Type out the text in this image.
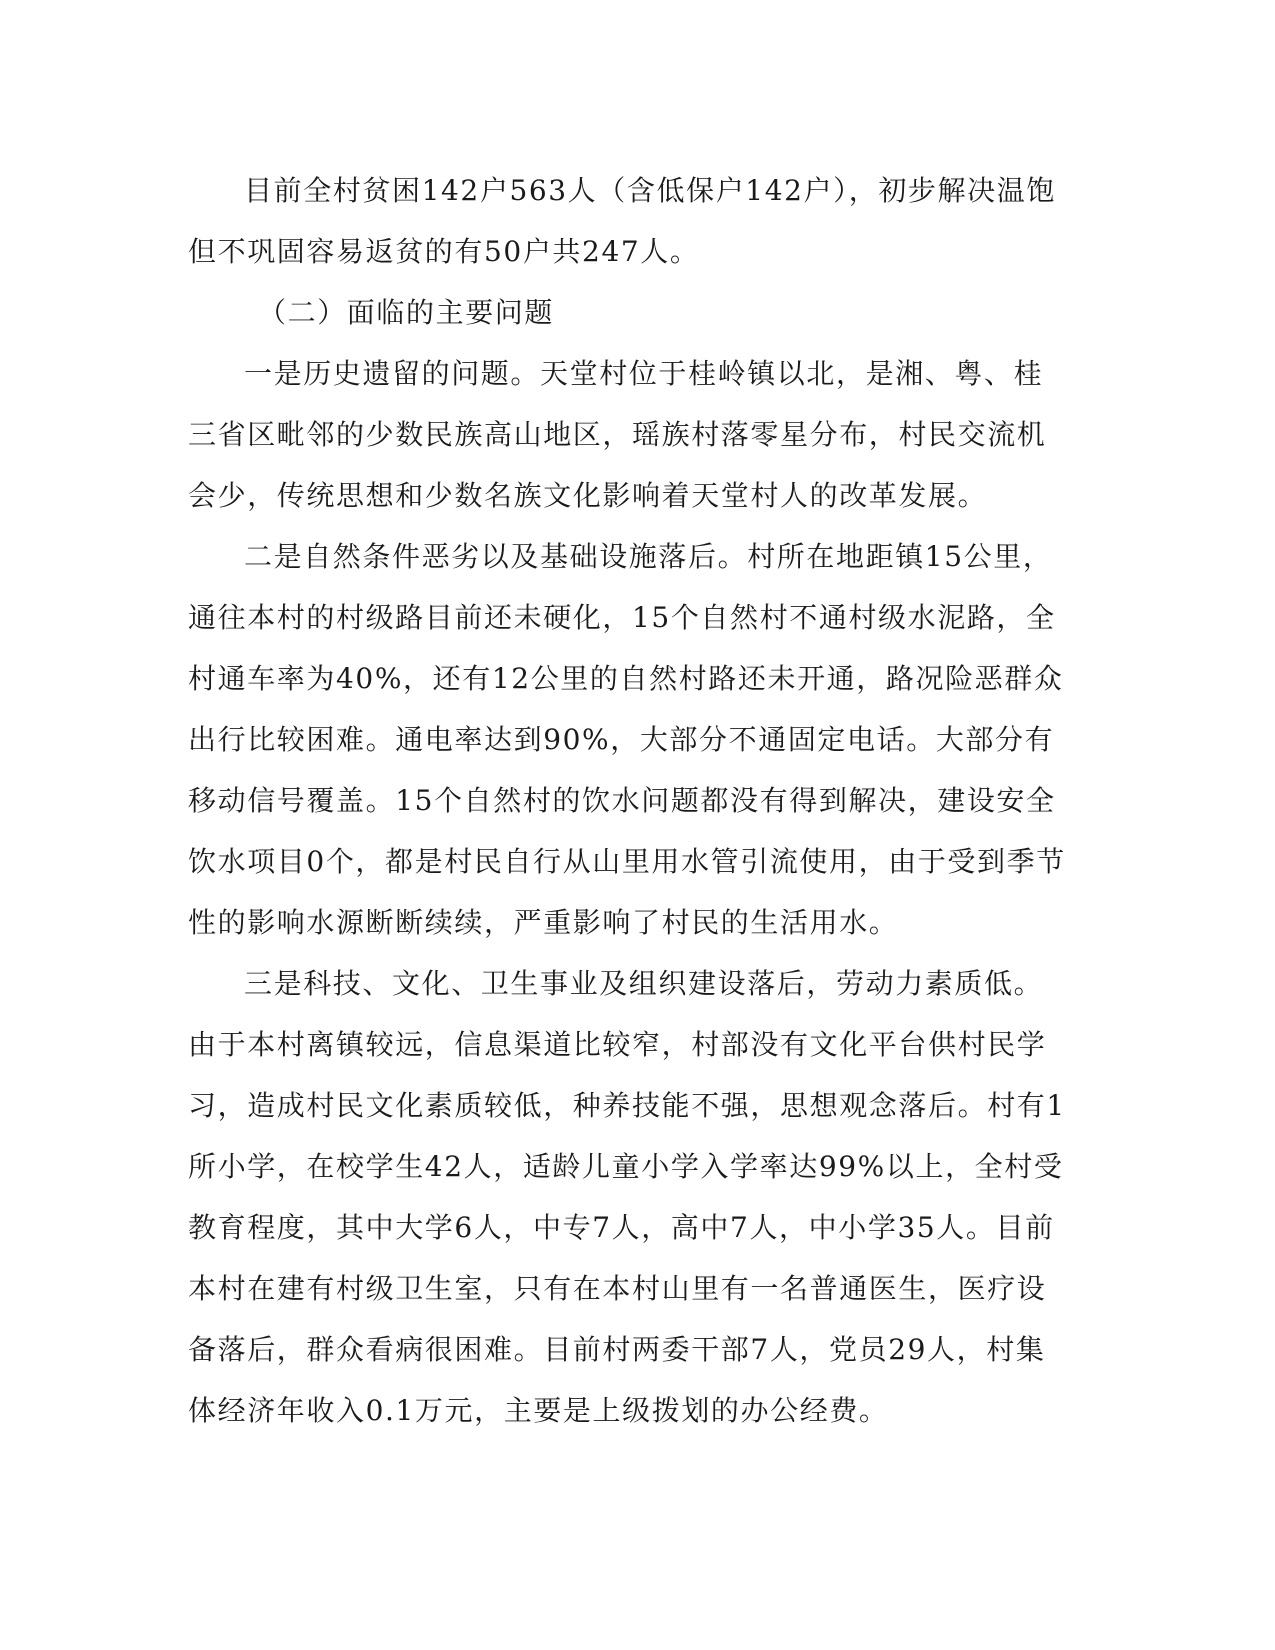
目前全村贫困142户563人（含低保户142户），初步解决温饱但不巩固容易返贫的有50户共247人。

（二）面临的主要问题

一是历史遗留的问题。天堂村位于桂岭镇以北，是湘、粤、桂三省区毗邻的少数民族高山地区，瑶族村落零星分布，村民交流机会少，传统思想和少数名族文化影响着天堂村人的改革发展。

二是自然条件恶劣以及基础设施落后。村所在地距镇15公里，通往本村的村级路目前还未硬化，15个自然村不通村级水泥路，全村通车率为40%，还有12公里的自然村路还未开通，路况险恶群众出行比较困难。通电率达到90%，大部分不通固定电话。大部分有移动信号覆盖。15个自然村的饮水问题都没有得到解决，建设安全饮水项目0个，都是村民自行从山里用水管引流使用，由于受到季节性的影响水源断断续续，严重影响了村民的生活用水。

三是科技、文化、卫生事业及组织建设落后，劳动力素质低。由于本村离镇较远，信息渠道比较窄，村部没有文化平台供村民学习，造成村民文化素质较低，种养技能不强，思想观念落后。村有1所小学，在校学生42人，适龄儿童小学入学率达99%以上，全村受教育程度，其中大学6人，中专7人，高中7人，中小学35人。目前本村在建有村级卫生室，只有在本村山里有一名普通医生，医疗设备落后，群众看病很困难。目前村两委干部7人，党员29人，村集体经济年收入0.1万元，主要是上级拨划的办公经费。
